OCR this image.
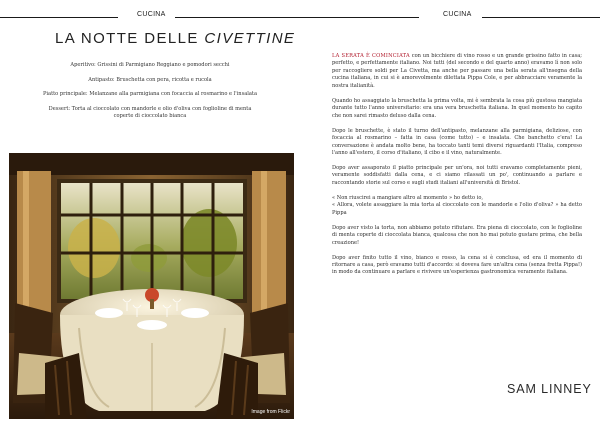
CUCINA
LA NOTTE DELLE CIVETTINE

Aperitivo: Grissini di Parmigiano Reggiano e pomodori secchi

Antipasto: Bruschetta con pera, ricotta e rucola

Piatto principale: Melanzane alla parmigiana con focaccia al rosmarino e l'insalata

Dessert: Torta al cioccolato con mandorle e olio d'oliva con foglioline di menta coperte di cioccolato bianca

Image from Flickr
CUCINA

LA SERATA È COMINCIATA con un bicchiere di vino rosso e un grande grissino fatto in casa; perfetto, e perfettamente italiano. Noi tutti (del secondo e del quarto anno) eravamo lì non solo per raccogliere soldi per La Civetta, ma anche per passare una bella serata all'insegna della cucina italiana, in cui si è amorevolmente dilettata Pippa Cole, e per abbracciare veramente la nostra italianità.

Quando ho assaggiato la bruschetta la prima volta, mi è sembrata la cosa più gustosa mangiata durante tutto l'anno universitario: era una vera bruschetta italiana. In quel momento ho capito che non sarei rimasto deluso dalla cena.

Dopo le bruschette, è stato il turno dell'antipasto, melanzane alla parmigiana, deliziose, con focaccia al rosmarino – fatta in casa (come tutto) – e insalata. Che banchetto c'era! La conversazione è andata molto bene, ha toccato tanti temi diversi riguardanti l'Italia, compreso l'anno all'estero, il corso d'italiano, il cibo e il vino, naturalmente.

Dopo aver assaporato il piatto principale per un'ora, noi tutti eravamo completamente pieni, veramente soddisfatti dalla cena, e ci siamo rilassati un po', continuando a parlare e raccontando storie sul corso e sugli studi italiani all'università di Bristol.

« Non riuscirei a mangiare altro al momento » ho detto io,
« Allora, volete assaggiare la mia torta al cioccolato con le mandorle e l'olio d'oliva? » ha detto Pippa

Dopo aver visto la torta, non abbiamo potuto rifiutare. Era piena di cioccolato, con le foglioline di menta coperte di cioccolata bianca, qualcosa che non ho mai potuto gustare prima, che bella creazione!

Dopo aver finito tutto il vino, bianco e rosso, la cena si è conclusa, ed era il momento di ritornare a casa, però eravamo tutti d'accordo: si doveva fare un'altra cena (senza fretta Pippa!) in modo da continuare a parlare e rivivere un'esperienza gastronomica veramente italiana.

SAM LINNEY
